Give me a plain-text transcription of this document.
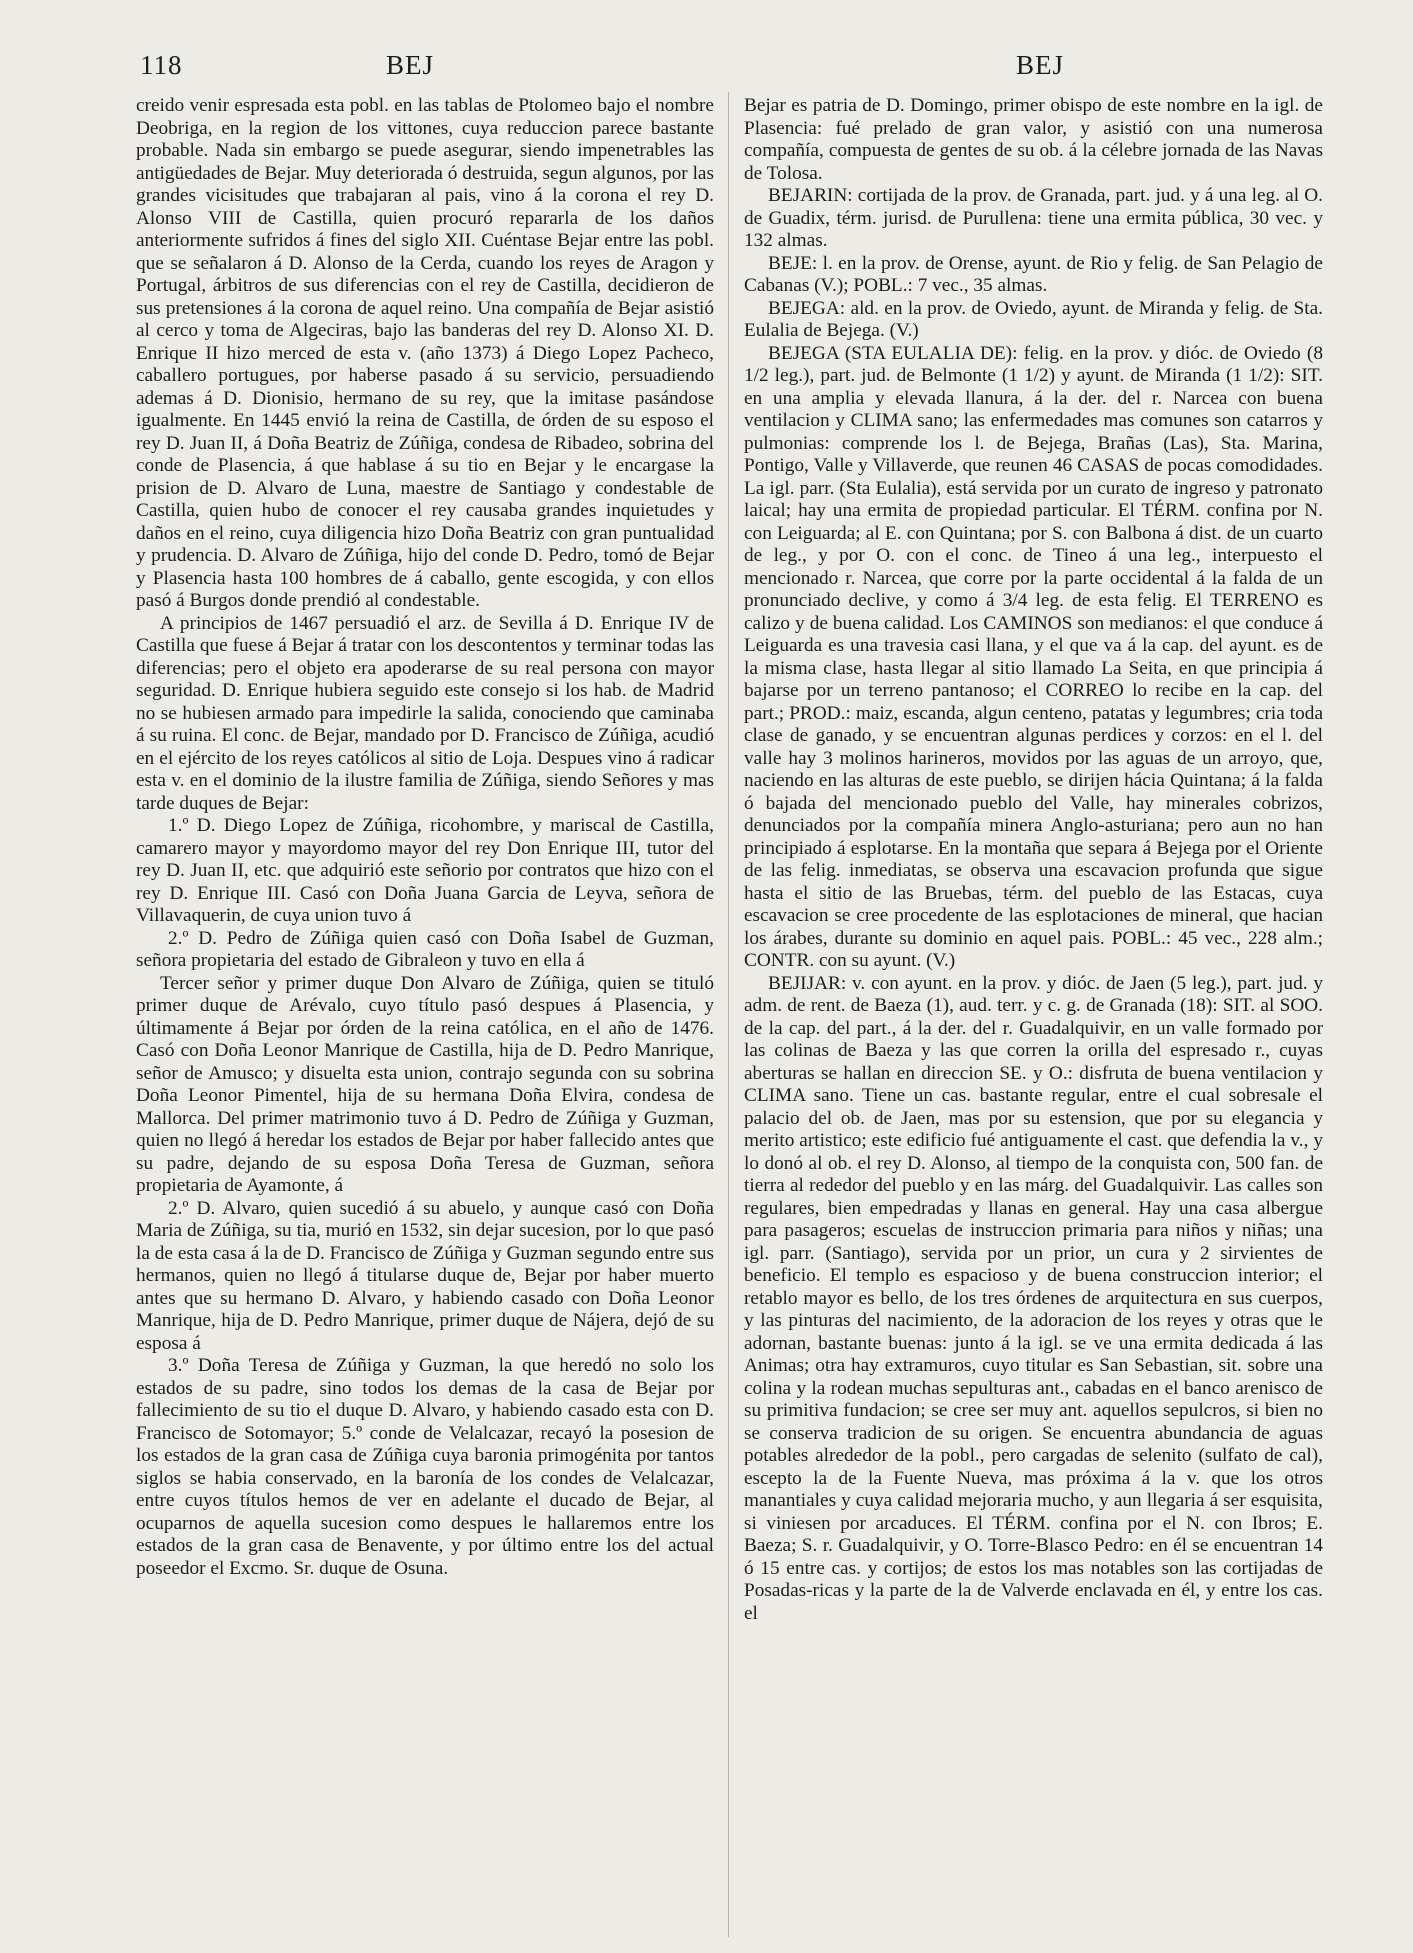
118	BEJ	BEJ

creido venir espresada esta pobl. en las tablas de Ptolomeo bajo el nombre Deobriga, en la region de los vittones, cuya reduccion parece bastante probable. Nada sin embargo se puede asegurar, siendo impenetrables las antigüedades de Bejar. Muy deteriorada ó destruida, segun algunos, por las grandes vicisitudes que trabajaran al pais, vino á la corona el rey D. Alonso VIII de Castilla, quien procuró repararla de los daños anteriormente sufridos á fines del siglo XII. Cuéntase Bejar entre las pobl. que se señalaron á D. Alonso de la Cerda, cuando los reyes de Aragon y Portugal, árbitros de sus diferencias con el rey de Castilla, decidieron de sus pretensiones á la corona de aquel reino. Una compañía de Bejar asistió al cerco y toma de Algeciras, bajo las banderas del rey D. Alonso XI. D. Enrique II hizo merced de esta v. (año 1373) á Diego Lopez Pacheco, caballero portugues, por haberse pasado á su servicio, persuadiendo ademas á D. Dionisio, hermano de su rey, que la imitase pasándose igualmente. En 1445 envió la reina de Castilla, de órden de su esposo el rey D. Juan II, á Doña Beatriz de Zúñiga, condesa de Ribadeo, sobrina del conde de Plasencia, á que hablase á su tio en Bejar y le encargase la prision de D. Alvaro de Luna, maestre de Santiago y condestable de Castilla, quien hubo de conocer el rey causaba grandes inquietudes y daños en el reino, cuya diligencia hizo Doña Beatriz con gran puntualidad y prudencia. D. Alvaro de Zúñiga, hijo del conde D. Pedro, tomó de Bejar y Plasencia hasta 100 hombres de á caballo, gente escogida, y con ellos pasó á Burgos donde prendió al condestable.

A principios de 1467 persuadió el arz. de Sevilla á D. Enrique IV de Castilla que fuese á Bejar á tratar con los descontentos y terminar todas las diferencias; pero el objeto era apoderarse de su real persona con mayor seguridad. D. Enrique hubiera seguido este consejo si los hab. de Madrid no se hubiesen armado para impedirle la salida, conociendo que caminaba á su ruina. El conc. de Bejar, mandado por D. Francisco de Zúñiga, acudió en el ejército de los reyes católicos al sitio de Loja. Despues vino á radicar esta v. en el dominio de la ilustre familia de Zúñiga, siendo Señores y mas tarde duques de Bejar:

1.º D. Diego Lopez de Zúñiga, ricohombre, y mariscal de Castilla, camarero mayor y mayordomo mayor del rey Don Enrique III, tutor del rey D. Juan II, etc. que adquirió este señorio por contratos que hizo con el rey D. Enrique III. Casó con Doña Juana Garcia de Leyva, señora de Villavaquerin, de cuya union tuvo á

2.º D. Pedro de Zúñiga quien casó con Doña Isabel de Guzman, señora propietaria del estado de Gibraleon y tuvo en ella á

Tercer señor y primer duque Don Alvaro de Zúñiga, quien se tituló primer duque de Arévalo, cuyo título pasó despues á Plasencia, y últimamente á Bejar por órden de la reina católica, en el año de 1476. Casó con Doña Leonor Manrique de Castilla, hija de D. Pedro Manrique, señor de Amusco; y disuelta esta union, contrajo segunda con su sobrina Doña Leonor Pimentel, hija de su hermana Doña Elvira, condesa de Mallorca. Del primer matrimonio tuvo á D. Pedro de Zúñiga y Guzman, quien no llegó á heredar los estados de Bejar por haber fallecido antes que su padre, dejando de su esposa Doña Teresa de Guzman, señora propietaria de Ayamonte, á

2.º D. Alvaro, quien sucedió á su abuelo, y aunque casó con Doña Maria de Zúñiga, su tia, murió en 1532, sin dejar sucesion, por lo que pasó la de esta casa á la de D. Francisco de Zúñiga y Guzman segundo entre sus hermanos, quien no llegó á titularse duque de, Bejar por haber muerto antes que su hermano D. Alvaro, y habiendo casado con Doña Leonor Manrique, hija de D. Pedro Manrique, primer duque de Nájera, dejó de su esposa á

3.º Doña Teresa de Zúñiga y Guzman, la que heredó no solo los estados de su padre, sino todos los demas de la casa de Bejar por fallecimiento de su tio el duque D. Alvaro, y habiendo casado esta con D. Francisco de Sotomayor; 5.º conde de Velalcazar, recayó la posesion de los estados de la gran casa de Zúñiga cuya baronia primogénita por tantos siglos se habia conservado, en la baronía de los condes de Velalcazar, entre cuyos títulos hemos de ver en adelante el ducado de Bejar, al ocuparnos de aquella sucesion como despues le hallaremos entre los estados de la gran casa de Benavente, y por último entre los del actual poseedor el Excmo. Sr. duque de Osuna.

Bejar es patria de D. Domingo, primer obispo de este nombre en la igl. de Plasencia: fué prelado de gran valor, y asistió con una numerosa compañía, compuesta de gentes de su ob. á la célebre jornada de las Navas de Tolosa.

BEJARIN: cortijada de la prov. de Granada, part. jud. y á una leg. al O. de Guadix, térm. jurisd. de Purullena: tiene una ermita pública, 30 vec. y 132 almas.

BEJE: l. en la prov. de Orense, ayunt. de Rio y felig. de San Pelagio de Cabanas (V.); POBL.: 7 vec., 35 almas.

BEJEGA: ald. en la prov. de Oviedo, ayunt. de Miranda y felig. de Sta. Eulalia de Bejega. (V.)

BEJEGA (STA EULALIA DE): felig. en la prov. y dióc. de Oviedo (8 1/2 leg.), part. jud. de Belmonte (1 1/2) y ayunt. de Miranda (1 1/2): SIT. en una amplia y elevada llanura, á la der. del r. Narcea con buena ventilacion y CLIMA sano; las enfermedades mas comunes son catarros y pulmonias: comprende los l. de Bejega, Brañas (Las), Sta. Marina, Pontigo, Valle y Villaverde, que reunen 46 CASAS de pocas comodidades. La igl. parr. (Sta Eulalia), está servida por un curato de ingreso y patronato laical; hay una ermita de propiedad particular. El TÉRM. confina por N. con Leiguarda; al E. con Quintana; por S. con Balbona á dist. de un cuarto de leg., y por O. con el conc. de Tineo á una leg., interpuesto el mencionado r. Narcea, que corre por la parte occidental á la falda de un pronunciado declive, y como á 3/4 leg. de esta felig. El TERRENO es calizo y de buena calidad. Los CAMINOS son medianos: el que conduce á Leiguarda es una travesia casi llana, y el que va á la cap. del ayunt. es de la misma clase, hasta llegar al sitio llamado La Seita, en que principia á bajarse por un terreno pantanoso; el CORREO lo recibe en la cap. del part.; PROD.: maiz, escanda, algun centeno, patatas y legumbres; cria toda clase de ganado, y se encuentran algunas perdices y corzos: en el l. del valle hay 3 molinos harineros, movidos por las aguas de un arroyo, que, naciendo en las alturas de este pueblo, se dirijen hácia Quintana; á la falda ó bajada del mencionado pueblo del Valle, hay minerales cobrizos, denunciados por la compañía minera Anglo-asturiana; pero aun no han principiado á esplotarse. En la montaña que separa á Bejega por el Oriente de las felig. inmediatas, se observa una escavacion profunda que sigue hasta el sitio de las Bruebas, térm. del pueblo de las Estacas, cuya escavacion se cree procedente de las esplotaciones de mineral, que hacian los árabes, durante su dominio en aquel pais. POBL.: 45 vec., 228 alm.; CONTR. con su ayunt. (V.)

BEJIJAR: v. con ayunt. en la prov. y dióc. de Jaen (5 leg.), part. jud. y adm. de rent. de Baeza (1), aud. terr. y c. g. de Granada (18): SIT. al SOO. de la cap. del part., á la der. del r. Guadalquivir, en un valle formado por las colinas de Baeza y las que corren la orilla del espresado r., cuyas aberturas se hallan en direccion SE. y O.: disfruta de buena ventilacion y CLIMA sano. Tiene un cas. bastante regular, entre el cual sobresale el palacio del ob. de Jaen, mas por su estension, que por su elegancia y merito artistico; este edificio fué antiguamente el cast. que defendia la v., y lo donó al ob. el rey D. Alonso, al tiempo de la conquista con, 500 fan. de tierra al rededor del pueblo y en las márg. del Guadalquivir. Las calles son regulares, bien empedradas y llanas en general. Hay una casa albergue para pasageros; escuelas de instruccion primaria para niños y niñas; una igl. parr. (Santiago), servida por un prior, un cura y 2 sirvientes de beneficio. El templo es espacioso y de buena construccion interior; el retablo mayor es bello, de los tres órdenes de arquitectura en sus cuerpos, y las pinturas del nacimiento, de la adoracion de los reyes y otras que le adornan, bastante buenas: junto á la igl. se ve una ermita dedicada á las Animas; otra hay extramuros, cuyo titular es San Sebastian, sit. sobre una colina y la rodean muchas sepulturas ant., cabadas en el banco arenisco de su primitiva fundacion; se cree ser muy ant. aquellos sepulcros, si bien no se conserva tradicion de su origen. Se encuentra abundancia de aguas potables alrededor de la pobl., pero cargadas de selenito (sulfato de cal), escepto la de la Fuente Nueva, mas próxima á la v. que los otros manantiales y cuya calidad mejoraria mucho, y aun llegaria á ser esquisita, si viniesen por arcaduces. El TÉRM. confina por el N. con Ibros; E. Baeza; S. r. Guadalquivir, y O. Torre-Blasco Pedro: en él se encuentran 14 ó 15 entre cas. y cortijos; de estos los mas notables son las cortijadas de Posadas-ricas y la parte de la de Valverde enclavada en él, y entre los cas. el
